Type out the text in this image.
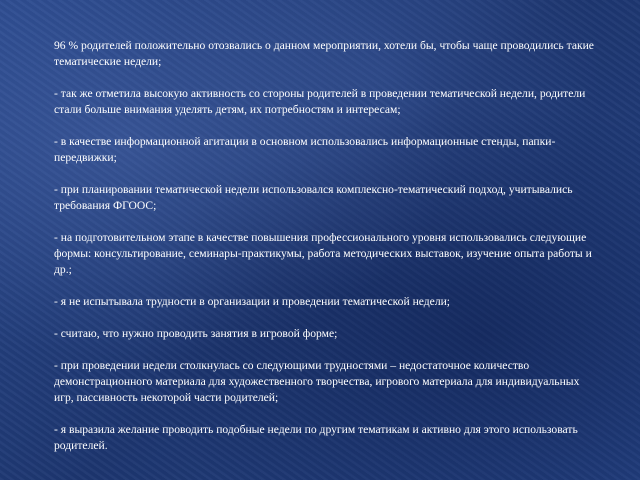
96 % родителей положительно отозвались о данном мероприятии, хотели бы, чтобы чаще проводились такие тематические недели;

- так же отметила высокую активность со стороны родителей в проведении тематической недели, родители стали больше внимания уделять детям, их потребностям и интересам;

- в качестве информационной агитации в основном использовались информационные стенды, папки-передвижки;

- при планировании тематической недели использовался комплексно-тематический подход, учитывались требования ФГООС;

- на подготовительном этапе в качестве повышения профессионального уровня использовались следующие формы: консультирование, семинары-практикумы, работа методических выставок, изучение опыта работы и др.;

- я не испытывала трудности в организации и проведении тематической недели;

- считаю, что нужно проводить занятия в игровой форме;

- при проведении недели столкнулась со следующими трудностями – недостаточное количество демонстрационного материала для художественного творчества, игрового материала для индивидуальных игр, пассивность некоторой части родителей;

- я выразила желание проводить подобные недели по другим тематикам и активно для этого использовать родителей.
